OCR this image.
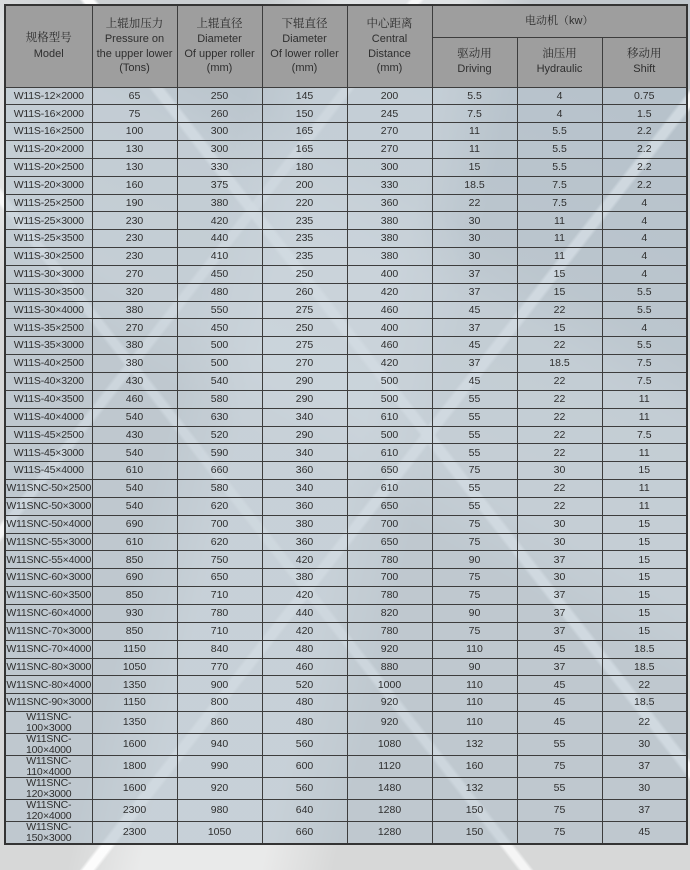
规格型号
Model

上辊加压力
Pressure on
the upper lower
(Tons)

上辊直径
Diameter
Of upper roller
(mm)

下辊直径
Diameter
Of lower roller
(mm)

中心距离
Central
Distance
(mm)
	电动机（kw）

驱动用
Driving

油压用
Hydraulic

移动用
Shift

W11S-12×2000	65	250	145	200	5.5	4	0.75
W11S-16×2000	75	260	150	245	7.5	4	1.5
W11S-16×2500	100	300	165	270	11	5.5	2.2
W11S-20×2000	130	300	165	270	11	5.5	2.2
W11S-20×2500	130	330	180	300	15	5.5	2.2
W11S-20×3000	160	375	200	330	18.5	7.5	2.2
W11S-25×2500	190	380	220	360	22	7.5	4
W11S-25×3000	230	420	235	380	30	11	4
W11S-25×3500	230	440	235	380	30	11	4
W11S-30×2500	230	410	235	380	30	11	4
W11S-30×3000	270	450	250	400	37	15	4
W11S-30×3500	320	480	260	420	37	15	5.5
W11S-30×4000	380	550	275	460	45	22	5.5
W11S-35×2500	270	450	250	400	37	15	4
W11S-35×3000	380	500	275	460	45	22	5.5
W11S-40×2500	380	500	270	420	37	18.5	7.5
W11S-40×3200	430	540	290	500	45	22	7.5
W11S-40×3500	460	580	290	500	55	22	11
W11S-40×4000	540	630	340	610	55	22	11
W11S-45×2500	430	520	290	500	55	22	7.5
W11S-45×3000	540	590	340	610	55	22	11
W11S-45×4000	610	660	360	650	75	30	15
W11SNC-50×2500	540	580	340	610	55	22	11
W11SNC-50×3000	540	620	360	650	55	22	11
W11SNC-50×4000	690	700	380	700	75	30	15
W11SNC-55×3000	610	620	360	650	75	30	15
W11SNC-55×4000	850	750	420	780	90	37	15
W11SNC-60×3000	690	650	380	700	75	30	15
W11SNC-60×3500	850	710	420	780	75	37	15
W11SNC-60×4000	930	780	440	820	90	37	15
W11SNC-70×3000	850	710	420	780	75	37	15
W11SNC-70×4000	1150	840	480	920	110	45	18.5
W11SNC-80×3000	1050	770	460	880	90	37	18.5
W11SNC-80×4000	1350	900	520	1000	110	45	22
W11SNC-90×3000	1150	800	480	920	110	45	18.5
W11SNC-100×3000	1350	860	480	920	110	45	22
W11SNC-100×4000	1600	940	560	1080	132	55	30
W11SNC-110×4000	1800	990	600	1120	160	75	37
W11SNC-120×3000	1600	920	560	1480	132	55	30
W11SNC-120×4000	2300	980	640	1280	150	75	37
W11SNC-150×3000	2300	1050	660	1280	150	75	45
